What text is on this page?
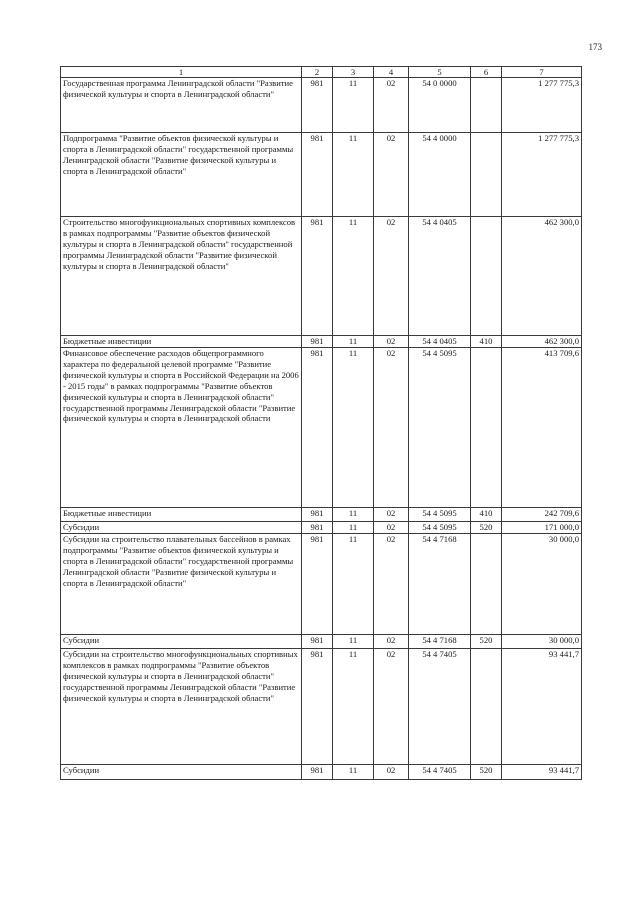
173
1	2	3	4	5	6	7
Государственная программа Ленинградской области "Развитие физической культуры и спорта в Ленинградской области"	981	11	02	54 0 0000		1 277 775,3
Подпрограмма "Развитие объектов физической культуры и спорта в Ленинградской области" государственной программы Ленинградской области "Развитие физической культуры и спорта в Ленинградской области"	981	11	02	54 4 0000		1 277 775,3
Строительство многофункциональных спортивных комплексов в рамках подпрограммы "Развитие объектов физической культуры и спорта в Ленинградской области" государственной программы Ленинградской области "Развитие физической культуры и спорта в Ленинградской области"	981	11	02	54 4 0405		462 300,0
Бюджетные инвестиции	981	11	02	54 4 0405	410	462 300,0
Финансовое обеспечение расходов общепрограммного характера по федеральной целевой программе "Развитие физической культуры и спорта в Российской Федерации на 2006 - 2015 годы" в рамках подпрограммы "Развитие объектов физической культуры и спорта в Ленинградской области" государственной программы Ленинградской области "Развитие физической культуры и спорта в Ленинградской области	981	11	02	54 4 5095		413 709,6
Бюджетные инвестиции	981	11	02	54 4 5095	410	242 709,6
Субсидии	981	11	02	54 4 5095	520	171 000,0
Субсидии на строительство плавательных бассейнов в рамках подпрограммы "Развитие объектов физической культуры и спорта в Ленинградской области" государственной программы Ленинградской области "Развитие физической культуры и спорта в Ленинградской области"	981	11	02	54 4 7168		30 000,0
Субсидии	981	11	02	54 4 7168	520	30 000,0
Субсидии на строительство многофункциональных спортивных комплексов в рамках подпрограммы "Развитие объектов физической культуры и спорта в Ленинградской области" государственной программы Ленинградской области "Развитие физической культуры и спорта в Ленинградской области"	981	11	02	54 4 7405		93 441,7
Субсидии	981	11	02	54 4 7405	520	93 441,7
